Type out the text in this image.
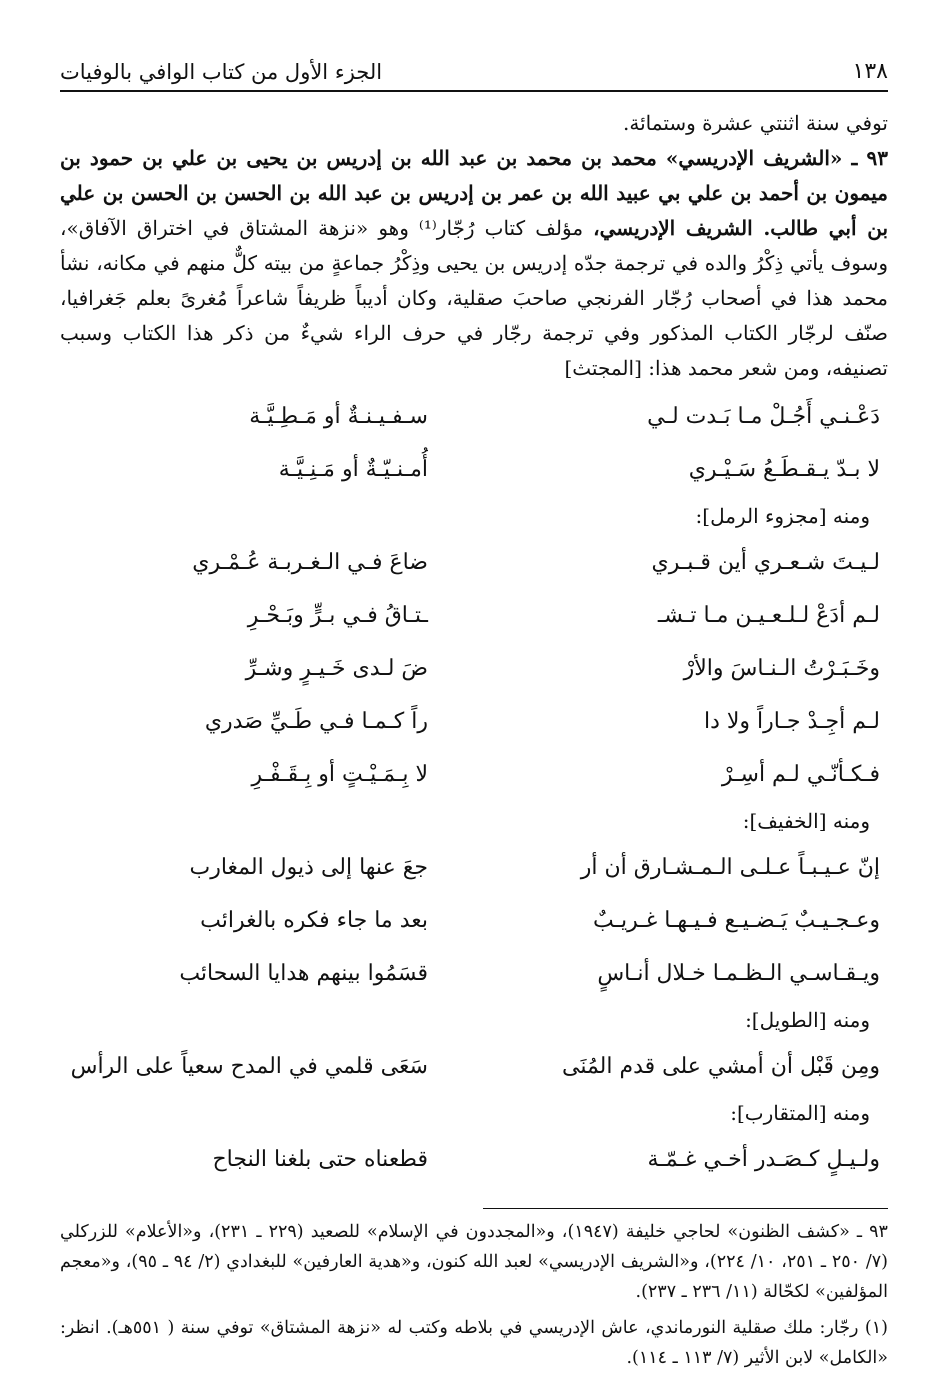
١٣٨
الجزء الأول من كتاب الوافي بالوفيات

توفي سنة اثنتي عشرة وستمائة.

٩٣ ـ «الشريف الإدريسي» محمد بن محمد بن عبد الله بن إدريس بن يحيى بن علي بن حمود بن ميمون بن أحمد بن علي بي عبيد الله بن عمر بن إدريس بن عبد الله بن الحسن بن الحسن بن علي بن أبي طالب. الشريف الإدريسي، مؤلف كتاب رُجّار⁽¹⁾ وهو «نزهة المشتاق في اختراق الآفاق»، وسوف يأتي ذِكْرُ والده في ترجمة جدّه إدريس بن يحيى وذِكْرُ جماعةٍ من بيته كلٌّ منهم في مكانه، نشأ محمد هذا في أصحاب رُجّار الفرنجي صاحبَ صقلية، وكان أديباً ظريفاً شاعراً مُغرىً بعلم جَغرافيا، صنّف لرجّار الكتاب المذكور وفي ترجمة رجّار في حرف الراء شيءٌ من ذكر هذا الكتاب وسبب تصنيفه، ومن شعر محمد هذا: [المجتث]

دَعْـنـي أَجُـلْ مـا بَـدت لـي
سـفـيـنـةٌ أو مَـطِـيَّـة
لا بـدّ يـقـطَـعُ سَـيْـري
أُمـنـيّـةٌ أو مَـنِـيَّـة
ومنه [مجزوء الرمل]:
لـيـتَ شـعـري أين قـبـري
ضاعَ فـي الـغـربـة عُـمْـري
لـم أدَعْ لـلـعـيـن مـا تـشـ
ـتـاقُ فـي بـرٍّ وبَـحْـرِ
وخَـبَـرْتُ الـنـاسَ والأرْ
ضَ لـدى خَـيـرٍ وشـرِّ
لـم أجِـدْ جـاراً ولا دا
راً كـمـا فـي طَـيِّ صَدري
فـكـأنّـي لـم أسِـرْ
لا بِـمَـيْـتٍ أو بِـقَـفْـرِ
ومنه [الخفيف]:
إنّ عـيـبـاً عـلـى الـمـشـارق أن أر
جعَ عنها إلى ذيول المغارب
وعـجـيـبٌ يَـضـيـع فـيـهـا غـريـبٌ
بعد ما جاء فكره بالغرائب
ويـقـاسـي الـظـمـا خـلال أنـاسٍ
قسَمُوا بينهم هدايا السحائب
ومنه [الطويل]:
ومِن قَبْل أن أمشي على قدم المُنَى
سَعَى قلمي في المدح سعياً على الرأس
ومنه [المتقارب]:
ولـيـلٍ كـصَـدر أخـي غـمّـة
قطعناه حتى بلغنا النجاح

٩٣ ـ «كشف الظنون» لحاجي خليفة (١٩٤٧)، و«المجددون في الإسلام» للصعيد (٢٢٩ ـ ٢٣١)، و«الأعلام» للزركلي (٧/ ٢٥٠ ـ ٢٥١، ١٠/ ٢٢٤)، و«الشريف الإدريسي» لعبد الله كنون، و«هدية العارفين» للبغدادي (٢/ ٩٤ ـ ٩٥)، و«معجم المؤلفين» لكحّالة (١١/ ٢٣٦ ـ ٢٣٧).

(١) رجّار: ملك صقلية النورماندي، عاش الإدريسي في بلاطه وكتب له «نزهة المشتاق» توفي سنة ( ٥٥١هـ). انظر: «الكامل» لابن الأثير (٧/ ١١٣ ـ ١١٤).
